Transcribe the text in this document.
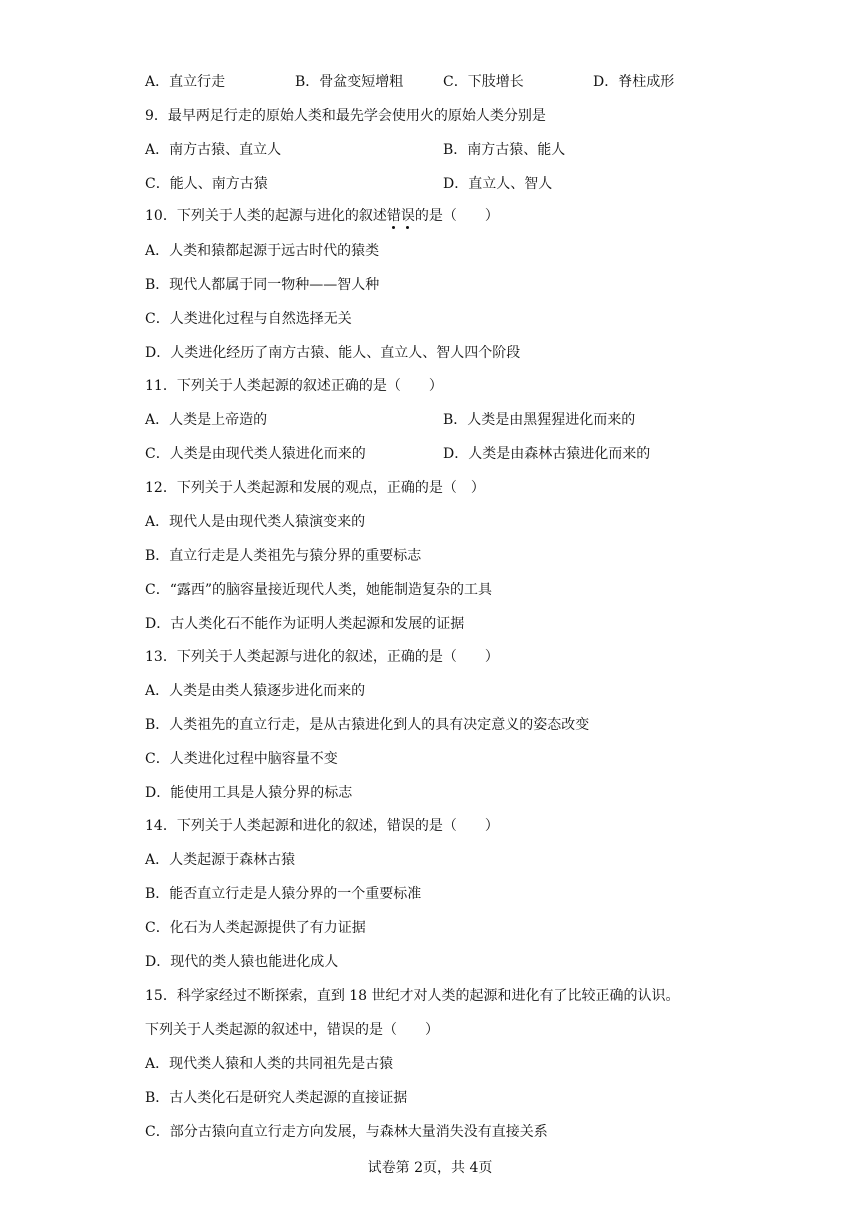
A．直立行走	B．骨盆变短增粗	C．下肢增长	D．脊柱成形
9．最早两足行走的原始人类和最先学会使用火的原始人类分别是
A．南方古猿、直立人	B．南方古猿、能人
C．能人、南方古猿	D．直立人、智人
10．下列关于人类的起源与进化的叙述错误
的是（　　）
A．人类和猿都起源于远古时代的猿类
B．现代人都属于同一物种——智人种
C．人类进化过程与自然选择无关
D．人类进化经历了南方古猿、能人、直立人、智人四个阶段
11．下列关于人类起源的叙述正确的是（　　）
A．人类是上帝造的	B．人类是由黑猩猩进化而来的
C．人类是由现代类人猿进化而来的	D．人类是由森林古猿进化而来的
12．下列关于人类起源和发展的观点，正确的是（　）
A．现代人是由现代类人猿演变来的
B．直立行走是人类祖先与猿分界的重要标志
C．“露西”的脑容量接近现代人类，她能制造复杂的工具
D．古人类化石不能作为证明人类起源和发展的证据
13．下列关于人类起源与进化的叙述，正确的是（　　）
A．人类是由类人猿逐步进化而来的
B．人类祖先的直立行走，是从古猿进化到人的具有决定意义的姿态改变
C．人类进化过程中脑容量不变
D．能使用工具是人猿分界的标志
14．下列关于人类起源和进化的叙述，错误的是（　　）
A．人类起源于森林古猿
B．能否直立行走是人猿分界的一个重要标准
C．化石为人类起源提供了有力证据
D．现代的类人猿也能进化成人
15．科学家经过不断探索，直到 18 世纪才对人类的起源和进化有了比较正确的认识。
下列关于人类起源的叙述中，错误的是（　　）
A．现代类人猿和人类的共同祖先是古猿
B．古人类化石是研究人类起源的直接证据
C．部分古猿向直立行走方向发展，与森林大量消失没有直接关系
试卷第 2页，共 4页
